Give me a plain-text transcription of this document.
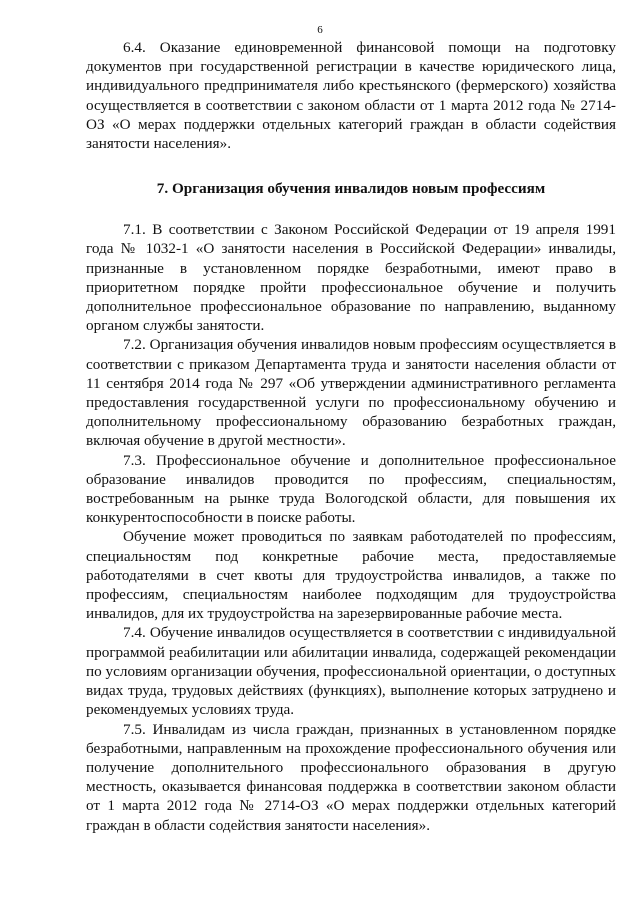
6

6.4. Оказание единовременной финансовой помощи на подготовку документов при государственной регистрации в качестве юридического лица, индивидуального предпринимателя либо крестьянского (фермерского) хозяйства осуществляется в соответствии с законом области от 1 марта 2012 года № 2714-ОЗ «О мерах поддержки отдельных категорий граждан в области содействия занятости населения».

7. Организация обучения инвалидов новым профессиям

7.1. В соответствии с Законом Российской Федерации от 19 апреля 1991 года № 1032-1 «О занятости населения в Российской Федерации» инвалиды, признанные в установленном порядке безработными, имеют право в приоритетном порядке пройти профессиональное обучение и получить дополнительное профессиональное образование по направлению, выданному органом службы занятости.

7.2. Организация обучения инвалидов новым профессиям осуществляется в соответствии с приказом Департамента труда и занятости населения области от 11 сентября 2014 года № 297 «Об утверждении административного регламента предоставления государственной услуги по профессиональному обучению и дополнительному профессиональному образованию безработных граждан, включая обучение в другой местности».

7.3. Профессиональное обучение и дополнительное профессиональное образование инвалидов проводится по профессиям, специальностям, востребованным на рынке труда Вологодской области, для повышения их конкурентоспособности в поиске работы.

Обучение может проводиться по заявкам работодателей по профессиям, специальностям под конкретные рабочие места, предоставляемые работодателями в счет квоты для трудоустройства инвалидов, а также по профессиям, специальностям наиболее подходящим для трудоустройства инвалидов, для их трудоустройства на зарезервированные рабочие места.

7.4. Обучение инвалидов осуществляется в соответствии с индивидуальной программой реабилитации или абилитации инвалида, содержащей рекомендации по условиям организации обучения, профессиональной ориентации, о доступных видах труда, трудовых действиях (функциях), выполнение которых затруднено и рекомендуемых условиях труда.

7.5. Инвалидам из числа граждан, признанных в установленном порядке безработными, направленным на прохождение профессионального обучения или получение дополнительного профессионального образования в другую местность, оказывается финансовая поддержка в соответствии законом области от 1 марта 2012 года № 2714-ОЗ «О мерах поддержки отдельных категорий граждан в области содействия занятости населения».
